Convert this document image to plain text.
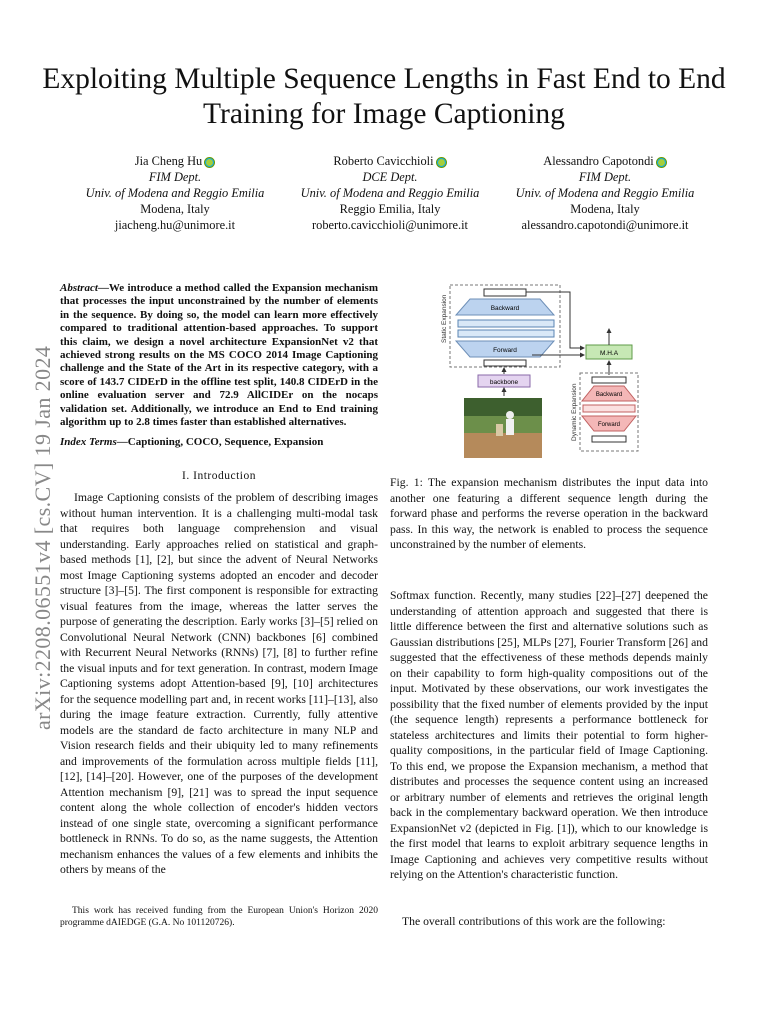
arXiv:2208.06551v4 [cs.CV] 19 Jan 2024
Exploiting Multiple Sequence Lengths in Fast End to End Training for Image Captioning
Jia Cheng Hu
FIM Dept.
Univ. of Modena and Reggio Emilia
Modena, Italy
jiacheng.hu@unimore.it
Roberto Cavicchioli
DCE Dept.
Univ. of Modena and Reggio Emilia
Reggio Emilia, Italy
roberto.cavicchioli@unimore.it
Alessandro Capotondi
FIM Dept.
Univ. of Modena and Reggio Emilia
Modena, Italy
alessandro.capotondi@unimore.it
Abstract—We introduce a method called the Expansion mechanism that processes the input unconstrained by the number of elements in the sequence. By doing so, the model can learn more effectively compared to traditional attention-based approaches. To support this claim, we design a novel architecture ExpansionNet v2 that achieved strong results on the MS COCO 2014 Image Captioning challenge and the State of the Art in its respective category, with a score of 143.7 CIDErD in the offline test split, 140.8 CIDErD in the online evaluation server and 72.9 AllCIDEr on the nocaps validation set. Additionally, we introduce an End to End training algorithm up to 2.8 times faster than established alternatives.
Index Terms—Captioning, COCO, Sequence, Expansion
I. Introduction
Image Captioning consists of the problem of describing images without human intervention. It is a challenging multi-modal task that requires both language comprehension and visual understanding. Early approaches relied on statistical and graph-based methods [1], [2], but since the advent of Neural Networks most Image Captioning systems adopted an encoder and decoder structure [3]–[5]. The first component is responsible for extracting visual features from the image, whereas the latter serves the purpose of generating the description. Early works [3]–[5] relied on Convolutional Neural Network (CNN) backbones [6] combined with Recurrent Neural Networks (RNNs) [7], [8] to further refine the visual inputs and for text generation. In contrast, modern Image Captioning systems adopt Attention-based [9], [10] architectures for the sequence modelling part and, in recent works [11]–[13], also during the image feature extraction. Currently, fully attentive models are the standard de facto architecture in many NLP and Vision research fields and their ubiquity led to many refinements and improvements of the formulation across multiple fields [11], [12], [14]–[20]. However, one of the purposes of the development Attention mechanism [9], [21] was to spread the input sequence content along the whole collection of encoder's hidden vectors instead of one single state, overcoming a significant performance bottleneck in RNNs. To do so, as the name suggests, the Attention mechanism enhances the values of a few elements and inhibits the others by means of the
This work has received funding from the European Union's Horizon 2020 programme dAIEDGE (G.A. No 101120726).
Static Expansion	Backward
Forward
backbone
M.H.A
Dynamic Expansion	Backward
Forward
Fig. 1: The expansion mechanism distributes the input data into another one featuring a different sequence length during the forward phase and performs the reverse operation in the backward pass. In this way, the network is enabled to process the sequence unconstrained by the number of elements.
Softmax function. Recently, many studies [22]–[27] deepened the understanding of attention approach and suggested that there is little difference between the first and alternative solutions such as Gaussian distributions [25], MLPs [27], Fourier Transform [26] and suggested that the effectiveness of these methods depends mainly on their capability to form high-quality compositions out of the input. Motivated by these observations, our work investigates the possibility that the fixed number of elements provided by the input (the sequence length) represents a performance bottleneck for stateless architectures and limits their potential to form higher-quality compositions, in the particular field of Image Captioning. To this end, we propose the Expansion mechanism, a method that distributes and processes the sequence content using an increased or arbitrary number of elements and retrieves the original length back in the complementary backward operation. We then introduce ExpansionNet v2 (depicted in Fig. [1]), which to our knowledge is the first model that learns to exploit arbitrary sequence lengths in Image Captioning and achieves very competitive results without relying on the Attention's characteristic function.
The overall contributions of this work are the following:
